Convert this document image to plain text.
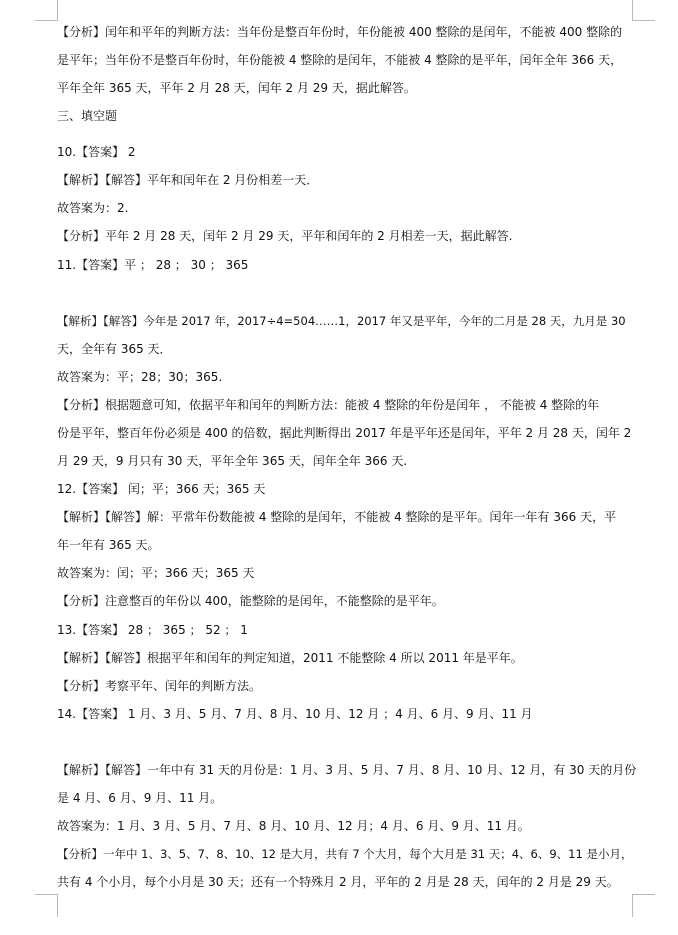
【分析】闰年和平年的判断方法：当年份是整百年份时，年份能被 400 整除的是闰年，不能被 400 整除的
是平年；当年份不是整百年份时，年份能被 4 整除的是闰年，不能被 4 整除的是平年，闰年全年 366 天，
平年全年 365 天，平年 2 月 28 天，闰年 2 月 29 天，据此解答。
三、填空题
10.【答案】 2
【解析】【解答】平年和闰年在 2 月份相差一天．
故答案为：2.
【分析】平年 2 月 28 天，闰年 2 月 29 天，平年和闰年的 2 月相差一天，据此解答.
11.【答案】平 ； 28 ； 30 ； 365
【解析】【解答】今年是 2017 年，2017÷4=504……1，2017 年又是平年，今年的二月是 28 天，九月是 30
天，全年有 365 天．
故答案为：平；28；30；365.
【分析】根据题意可知，依据平年和闰年的判断方法：能被 4 整除的年份是闰年 ， 不能被 4 整除的年
份是平年，整百年份必须是 400 的倍数，据此判断得出 2017 年是平年还是闰年，平年 2 月 28 天，闰年 2
月 29 天，9 月只有 30 天，平年全年 365 天，闰年全年 366 天.
12.【答案】 闰；平；366 天；365 天
【解析】【解答】解：平常年份数能被 4 整除的是闰年，不能被 4 整除的是平年。闰年一年有 366 天，平
年一年有 365 天。
故答案为：闰；平；366 天；365 天
【分析】注意整百的年份以 400，能整除的是闰年，不能整除的是平年。
13.【答案】 28 ； 365 ； 52 ； 1
【解析】【解答】根据平年和闰年的判定知道，2011 不能整除 4 所以 2011 年是平年。
【分析】考察平年、闰年的判断方法。
14.【答案】 1 月、3 月、5 月、7 月、8 月、10 月、12 月 ；4 月、6 月、9 月、11 月
【解析】【解答】一年中有 31 天的月份是：1 月、3 月、5 月、7 月、8 月、10 月、12 月，有 30 天的月份
是 4 月、6 月、9 月、11 月。
故答案为：1 月、3 月、5 月、7 月、8 月、10 月、12 月；4 月、6 月、9 月、11 月。
【分析】一年中 1、3、5、7、8、10、12 是大月，共有 7 个大月，每个大月是 31 天；4、6、9、11 是小月，
共有 4 个小月，每个小月是 30 天；还有一个特殊月 2 月，平年的 2 月是 28 天，闰年的 2 月是 29 天。
